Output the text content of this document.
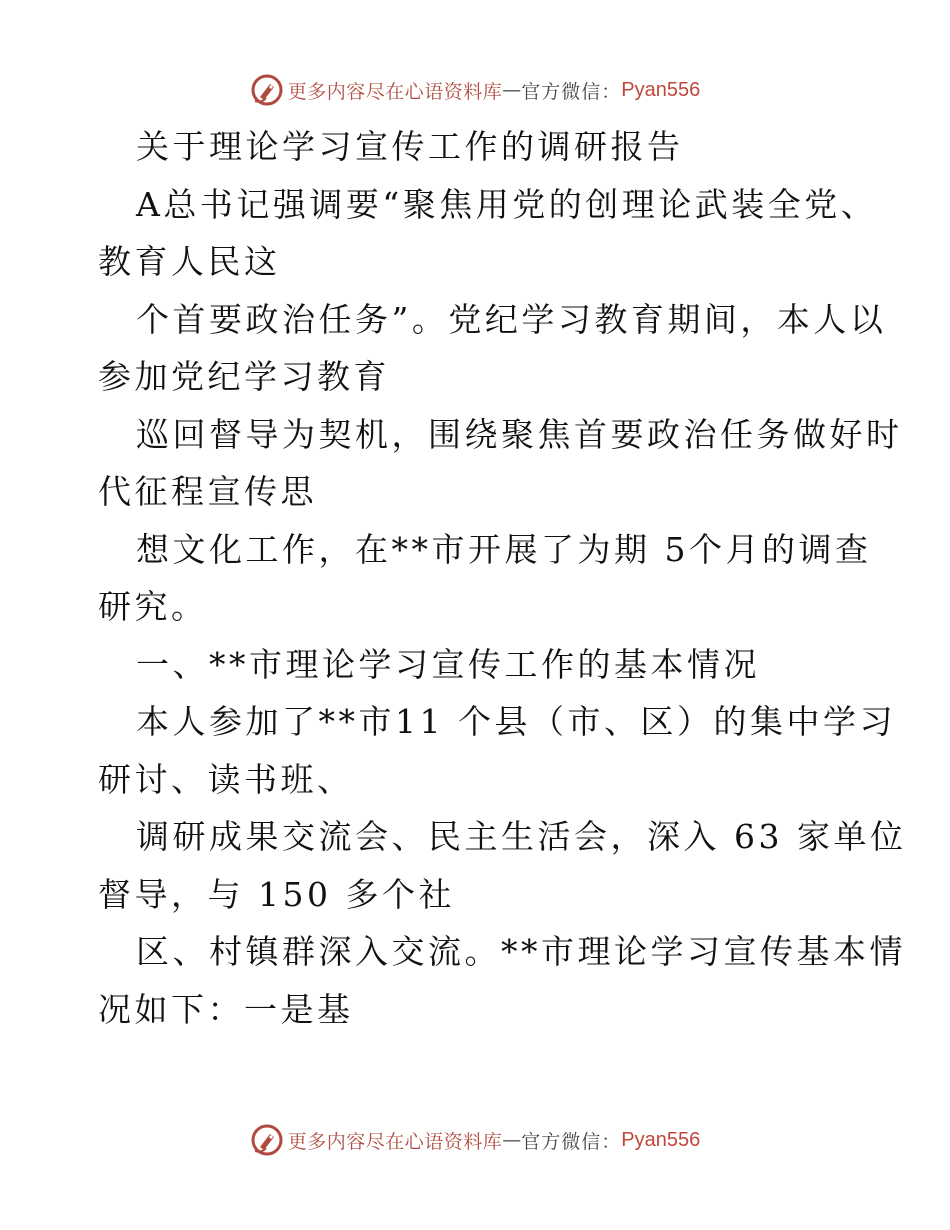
更多内容尽在心语资料库 — 官方微信： Pyan556
关于理论学习宣传工作的调研报告
A总书记强调要“聚焦用党的创理论武装全党、
教育人民这
个首要政治任务”。党纪学习教育期间，本人以
参加党纪学习教育
巡回督导为契机，围绕聚焦首要政治任务做好时
代征程宣传思
想文化工作，在**市开展了为期 5个月的调查
研究。
一、**市理论学习宣传工作的基本情况
本人参加了**市11 个县（市、区）的集中学习
研讨、读书班、
调研成果交流会、民主生活会，深入 63 家单位
督导，与 150 多个社
区、村镇群深入交流。**市理论学习宣传基本情
况如下：一是基
更多内容尽在心语资料库 — 官方微信： Pyan556
